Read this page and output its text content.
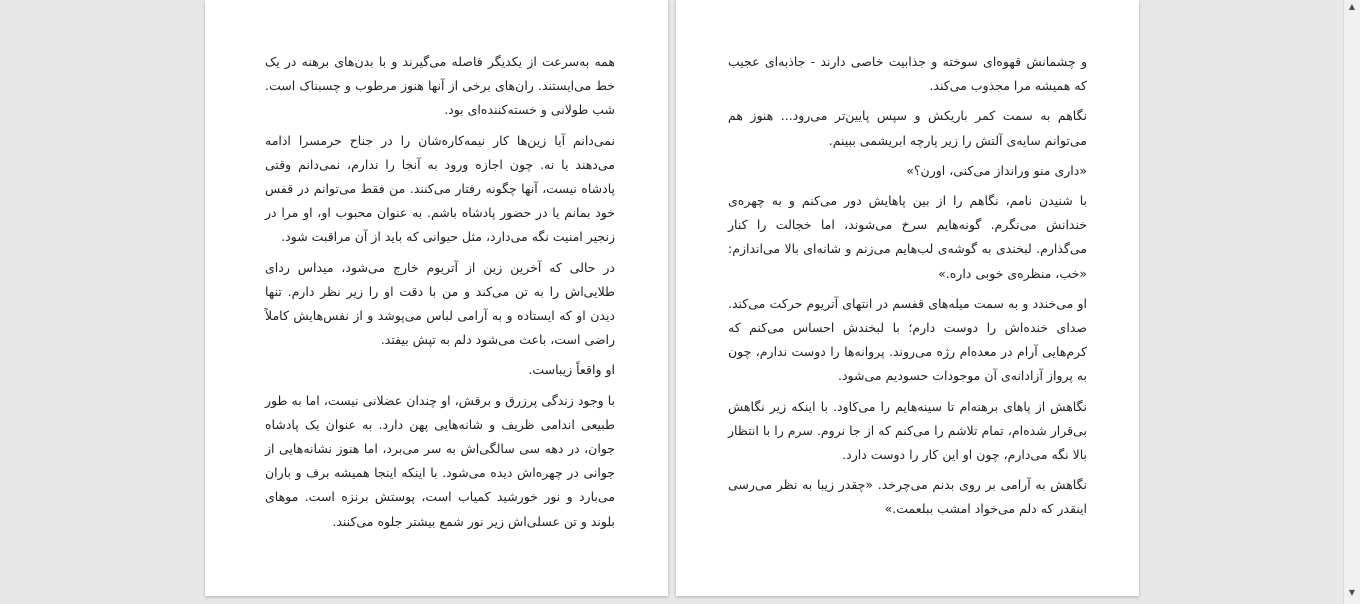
همه به‌سرعت از یکدیگر فاصله می‌گیرند و با بدن‌های برهنه در یک خط می‌ایستند. ران‌های برخی از آنها هنوز مرطوب و چسبناک است. شب طولانی و خسته‌کننده‌ای بود.

نمی‌دانم آیا زین‌ها کار نیمه‌کاره‌شان را در جناح حرمسرا ادامه می‌دهند یا نه. چون اجازه ورود به آنجا را ندارم، نمی‌دانم وقتی پادشاه نیست، آنها چگونه رفتار می‌کنند. من فقط می‌توانم در قفس خود بمانم یا در حضور پادشاه باشم. به عنوان محبوب او، او مرا در زنجیر امنیت نگه می‌دارد، مثل حیوانی که باید از آن مراقبت شود.

در حالی که آخرین زین از آتریوم خارج می‌شود، میداس ردای طلایی‌اش را به تن می‌کند و من با دقت او را زیر نظر دارم. تنها دیدن او که ایستاده و به آرامی لباس می‌پوشد و از نفس‌هایش کاملاً راضی است، باعث می‌شود دلم به تپش بیفتد.

او واقعاً زیباست.

با وجود زندگی پرزرق و برقش، او چندان عضلانی نیست، اما به طور طبیعی اندامی ظریف و شانه‌هایی پهن دارد. به عنوان یک پادشاه جوان، در دهه سی سالگی‌اش به سر می‌برد، اما هنوز نشانه‌هایی از جوانی در چهره‌اش دیده می‌شود. با اینکه اینجا همیشه برف و باران می‌بارد و نور خورشید کمیاب است، پوستش برنزه است. موهای بلوند و تن عسلی‌اش زیر نور شمع بیشتر جلوه می‌کنند.

و چشمانش قهوه‌ای سوخته و جذابیت خاصی دارند - جاذبه‌ای عجیب که همیشه مرا مجذوب می‌کند.

نگاهم به سمت کمر باریکش و سپس پایین‌تر می‌رود... هنوز هم می‌توانم سایه‌ی آلتش را زیر پارچه ابریشمی ببینم.

«داری منو ورانداز می‌کنی، اورن؟»

با شنیدن نامم، نگاهم را از بین پاهایش دور می‌کنم و به چهره‌ی خندانش می‌نگرم. گونه‌هایم سرخ می‌شوند، اما خجالت را کنار می‌گذارم. لبخندی به گوشه‌ی لب‌هایم می‌زنم و شانه‌ای بالا می‌اندازم: «خب، منظره‌ی خوبی داره.»

او می‌خندد و به سمت میله‌های قفسم در انتهای آتریوم حرکت می‌کند. صدای خنده‌اش را دوست دارم؛ با لبخندش احساس می‌کنم که کرم‌هایی آرام در معده‌ام رژه می‌روند. پروانه‌ها را دوست ندارم، چون به پرواز آزادانه‌ی آن موجودات حسودیم می‌شود.

نگاهش از پاهای برهنه‌ام تا سینه‌هایم را می‌کاود. با اینکه زیر نگاهش بی‌قرار شده‌ام، تمام تلاشم را می‌کنم که از جا نروم. سرم را با انتظار بالا نگه می‌دارم، چون او این کار را دوست دارد.

نگاهش به آرامی بر روی بدنم می‌چرخد. «چقدر زیبا به نظر می‌رسی اینقدر که دلم می‌خواد امشب ببلعمت.»

▲
▼
